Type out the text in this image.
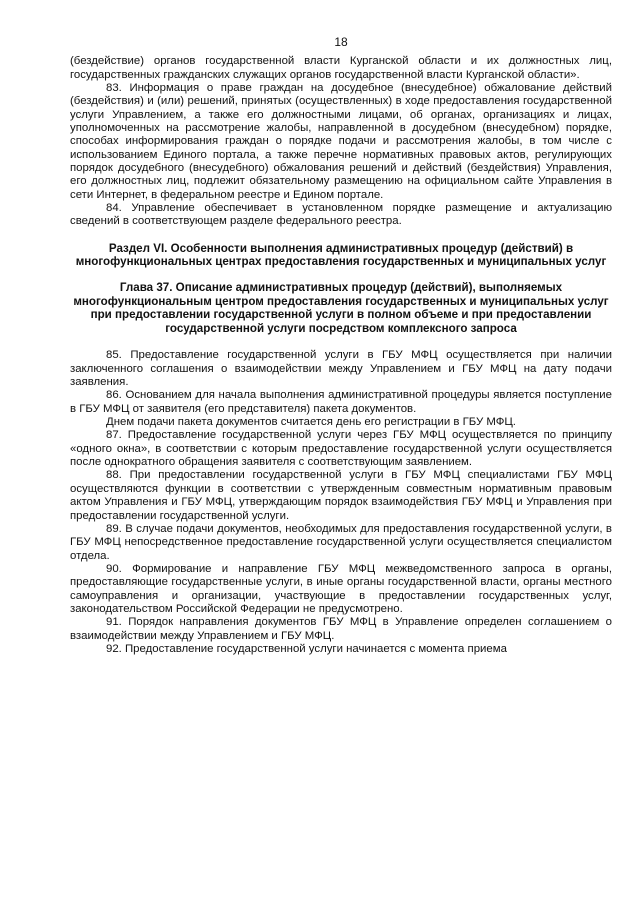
18

(бездействие) органов государственной власти Курганской области и их должностных лиц, государственных гражданских служащих органов государственной власти Курганской области».

83. Информация о праве граждан на досудебное (внесудебное) обжалование действий (бездействия) и (или) решений, принятых (осуществленных) в ходе предоставления государственной услуги Управлением, а также его должностными лицами, об органах, организациях и лицах, уполномоченных на рассмотрение жалобы, направленной в досудебном (внесудебном) порядке, способах информирования граждан о порядке подачи и рассмотрения жалобы, в том числе с использованием Единого портала, а также перечне нормативных правовых актов, регулирующих порядок досудебного (внесудебного) обжалования решений и действий (бездействия) Управления, его должностных лиц, подлежит обязательному размещению на официальном сайте Управления в сети Интернет, в федеральном реестре и Едином портале.

84. Управление обеспечивает в установленном порядке размещение и актуализацию сведений в соответствующем разделе федерального реестра.

Раздел VI. Особенности выполнения административных процедур (действий) в многофункциональных центрах предоставления государственных и муниципальных услуг
Глава 37. Описание административных процедур (действий), выполняемых многофункциональным центром предоставления государственных и муниципальных услуг при предоставлении государственной услуги в полном объеме и при предоставлении государственной услуги посредством комплексного запроса

85. Предоставление государственной услуги в ГБУ МФЦ осуществляется при наличии заключенного соглашения о взаимодействии между Управлением и ГБУ МФЦ на дату подачи заявления.

86. Основанием для начала выполнения административной процедуры является поступление в ГБУ МФЦ от заявителя (его представителя) пакета документов.

Днем подачи пакета документов считается день его регистрации в ГБУ МФЦ.

87. Предоставление государственной услуги через ГБУ МФЦ осуществляется по принципу «одного окна», в соответствии с которым предоставление государственной услуги осуществляется после однократного обращения заявителя с соответствующим заявлением.

88. При предоставлении государственной услуги в ГБУ МФЦ специалистами ГБУ МФЦ осуществляются функции в соответствии с утвержденным совместным нормативным правовым актом Управления и ГБУ МФЦ, утверждающим порядок взаимодействия ГБУ МФЦ и Управления при предоставлении государственной услуги.

89. В случае подачи документов, необходимых для предоставления государственной услуги, в ГБУ МФЦ непосредственное предоставление государственной услуги осуществляется специалистом отдела.

90. Формирование и направление ГБУ МФЦ межведомственного запроса в органы, предоставляющие государственные услуги, в иные органы государственной власти, органы местного самоуправления и организации, участвующие в предоставлении государственных услуг, законодательством Российской Федерации не предусмотрено.

91. Порядок направления документов ГБУ МФЦ в Управление определен соглашением о взаимодействии между Управлением и ГБУ МФЦ.

92. Предоставление государственной услуги начинается с момента приема
